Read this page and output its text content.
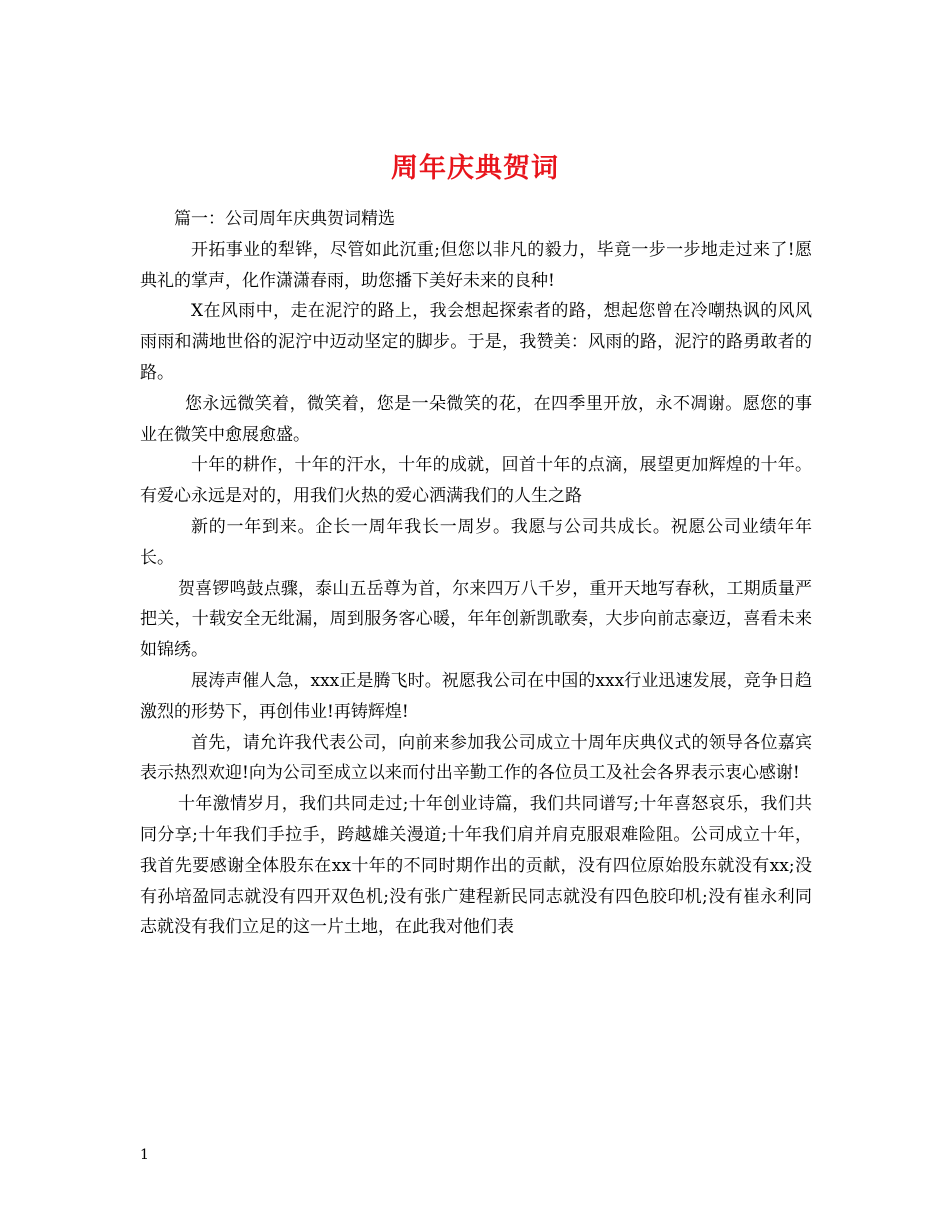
周年庆典贺词

篇一：公司周年庆典贺词精选

开拓事业的犁铧，尽管如此沉重;但您以非凡的毅力，毕竟一步一步地走过来了!愿典礼的掌声，化作潇潇春雨，助您播下美好未来的良种!

X在风雨中，走在泥泞的路上，我会想起探索者的路，想起您曾在冷嘲热讽的风风雨雨和满地世俗的泥泞中迈动坚定的脚步。于是，我赞美：风雨的路，泥泞的路勇敢者的路。

您永远微笑着，微笑着，您是一朵微笑的花，在四季里开放，永不凋谢。愿您的事业在微笑中愈展愈盛。

十年的耕作，十年的汗水，十年的成就，回首十年的点滴，展望更加辉煌的十年。有爱心永远是对的，用我们火热的爱心洒满我们的人生之路

新的一年到来。企长一周年我长一周岁。我愿与公司共成长。祝愿公司业绩年年长。

贺喜锣鸣鼓点骤，泰山五岳尊为首，尔来四万八千岁，重开天地写春秋，工期质量严把关，十载安全无纰漏，周到服务客心暖，年年创新凯歌奏，大步向前志豪迈，喜看未来如锦绣。

展涛声催人急，xxx正是腾飞时。祝愿我公司在中国的xxx行业迅速发展，竞争日趋激烈的形势下，再创伟业!再铸辉煌!

首先，请允许我代表公司，向前来参加我公司成立十周年庆典仪式的领导各位嘉宾表示热烈欢迎!向为公司至成立以来而付出辛勤工作的各位员工及社会各界表示衷心感谢!

十年激情岁月，我们共同走过;十年创业诗篇，我们共同谱写;十年喜怒哀乐，我们共同分享;十年我们手拉手，跨越雄关漫道;十年我们肩并肩克服艰难险阻。公司成立十年，我首先要感谢全体股东在xx十年的不同时期作出的贡献，没有四位原始股东就没有xx;没有孙培盈同志就没有四开双色机;没有张广建程新民同志就没有四色胶印机;没有崔永利同志就没有我们立足的这一片土地，在此我对他们表

1
